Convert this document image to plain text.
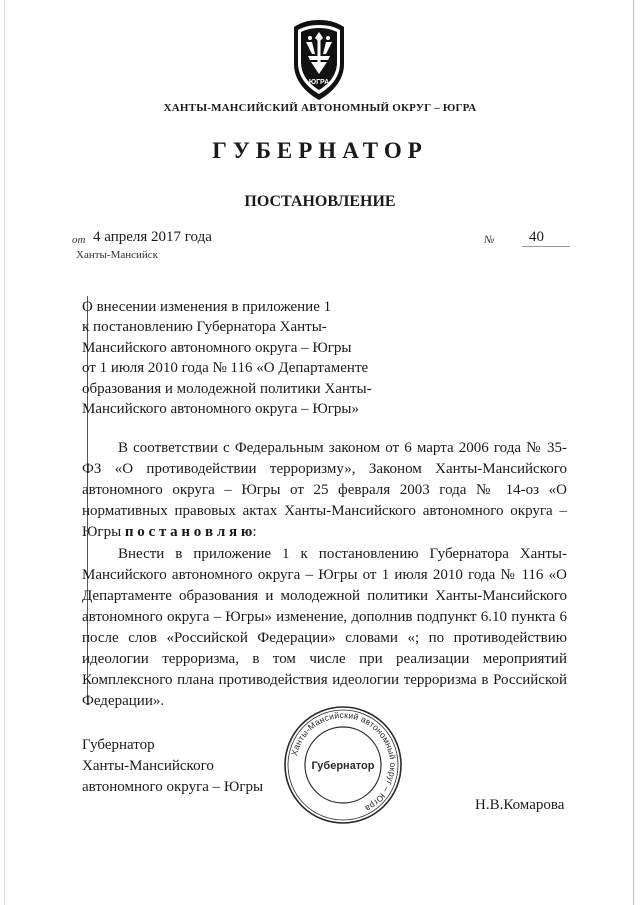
ЮГРА
ХАНТЫ-МАНСИЙСКИЙ АВТОНОМНЫЙ ОКРУГ – ЮГРА
ГУБЕРНАТОР
ПОСТАНОВЛЕНИЕ
от 4 апреля 2017 года	№ 40
Ханты-Мансийск
О внесении изменения в приложение 1
к постановлению Губернатора Ханты-
Мансийского автономного округа – Югры
от 1 июля 2010 года № 116 «О Департаменте
образования и молодежной политики Ханты-
Мансийского автономного округа – Югры»
В соответствии с Федеральным законом от 6 марта 2006 года № 35-ФЗ «О противодействии терроризму», Законом Ханты-Мансийского автономного округа – Югры от 25 февраля 2003 года № 14-оз «О нормативных правовых актах Ханты-Мансийского автономного округа – Югры п о с т а н о в л я ю:
Внести в приложение 1 к постановлению Губернатора Ханты-Мансийского автономного округа – Югры от 1 июля 2010 года № 116 «О Департаменте образования и молодежной политики Ханты-Мансийского автономного округа – Югры» изменение, дополнив подпункт 6.10 пункта 6 после слов «Российской Федерации» словами «; по противодействию идеологии терроризма, в том числе при реализации мероприятий Комплексного плана противодействия идеологии терроризма в Российской Федерации».
Губернатор
Ханты-Мансийского
автономного округа – Югры
Ханты-Мансийский автономный округ – Югра
Губернатор
Н.В.Комарова
